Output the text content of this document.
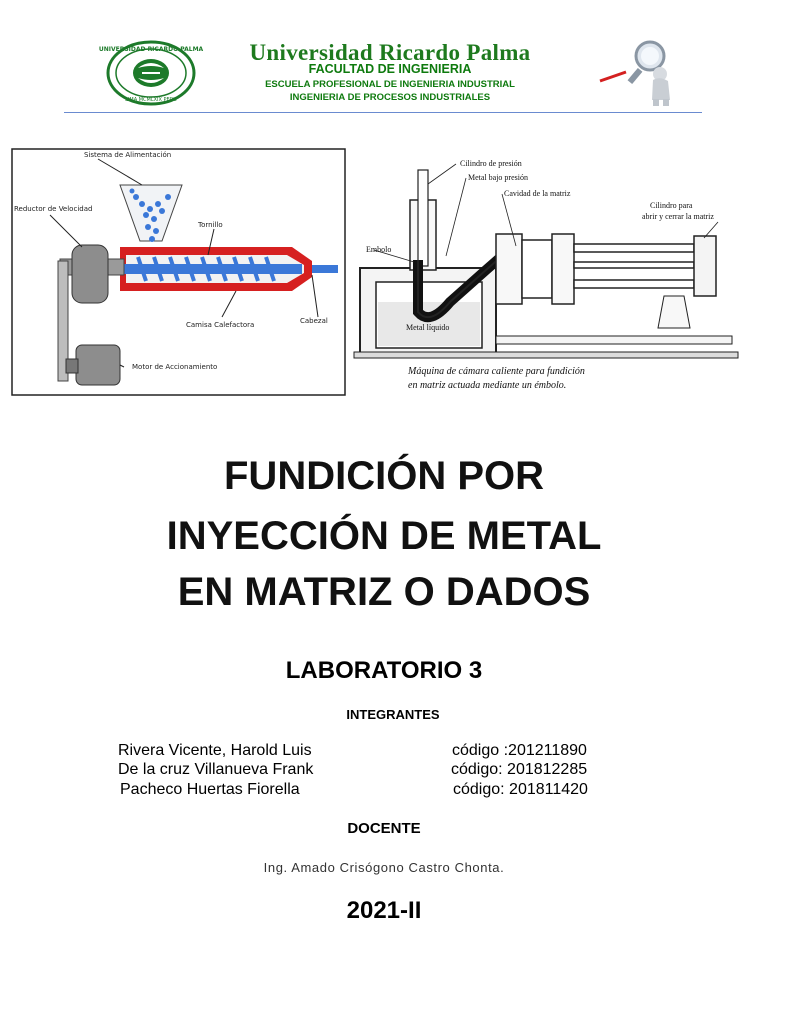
UNIVERSIDAD RICARDO PALMA
LIMA MCMLXIX PERU
Universidad Ricardo Palma
FACULTAD DE INGENIERIA
ESCUELA PROFESIONAL DE INGENIERIA INDUSTRIAL
INGENIERIA DE PROCESOS INDUSTRIALES
Sistema de Alimentación
Reductor de Velocidad
Tornillo
Camisa Calefactora	Cabezal
Motor de Accionamiento
Cilindro de presión
Metal bajo presión
Cavidad de la matriz
Embolo
Metal líquido
Cilindro para
abrir y cerrar la matriz
Máquina de cámara caliente para fundición
en matriz actuada mediante un émbolo.
FUNDICIÓN POR
INYECCIÓN DE METAL
EN MATRIZ O DADOS
LABORATORIO 3
INTEGRANTES
Rivera Vicente, Harold Luis	código :201211890
De la cruz Villanueva Frank	código: 201812285
Pacheco Huertas Fiorella	código: 201811420
DOCENTE
Ing. Amado Crisógono Castro Chonta.
2021-II
